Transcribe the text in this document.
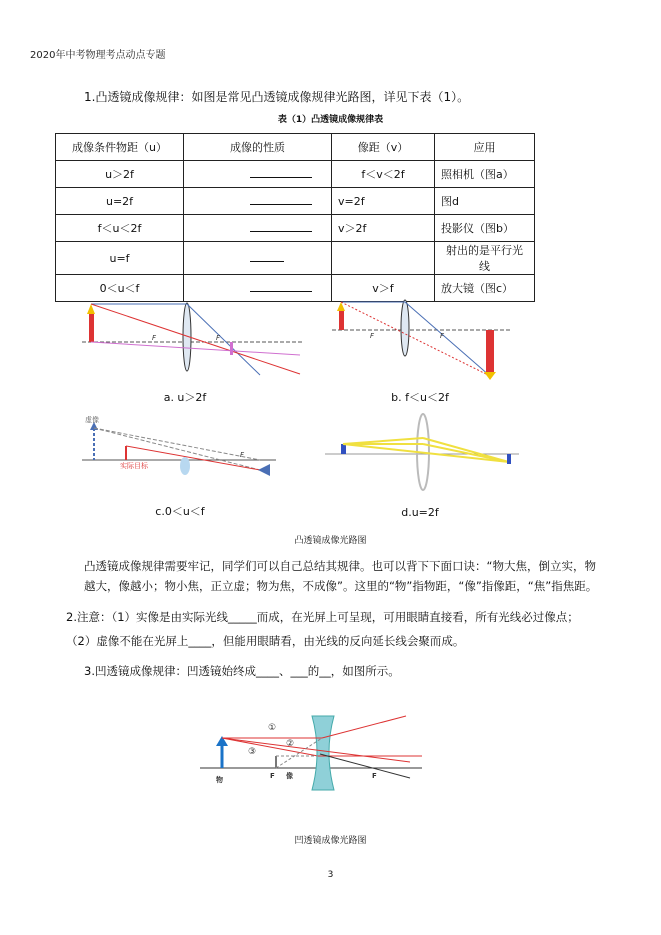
2020年中考物理考点动点专题
1.凸透镜成像规律：如图是常见凸透镜成像规律光路图，详见下表（1）。
表（1）凸透镜成像规律表
成像条件物距（u）	成像的性质	像距（v）	应用
u＞2f		f＜v＜2f	照相机（图a）
u=2f		v=2f	图d
f＜u＜2f		v＞2f	投影仪（图b）
u=f			射出的是平行光线
0＜u＜f		v＞f	放大镜（图c）
F	F
a. u＞2f
F	F
b. f＜u＜2f
虚像
实际目标
F
c.0＜u＜f	d.u=2f
凸透镜成像光路图
凸透镜成像规律需要牢记，同学们可以自己总结其规律。也可以背下下面口诀：“物大焦，倒立实，物越大，像越小；物小焦，正立虚；物为焦，不成像”。这里的“物”指物距，“像”指像距，“焦”指焦距。
2.注意：（1）实像是由实际光线_____而成，在光屏上可呈现，可用眼睛直接看，所有光线必过像点；
（2）虚像不能在光屏上____，但能用眼睛看，由光线的反向延长线会聚而成。
3.凹透镜成像规律：凹透镜始终成____、___的__，如图所示。
①
②
③
物	像
F	F
凹透镜成像光路图
3
